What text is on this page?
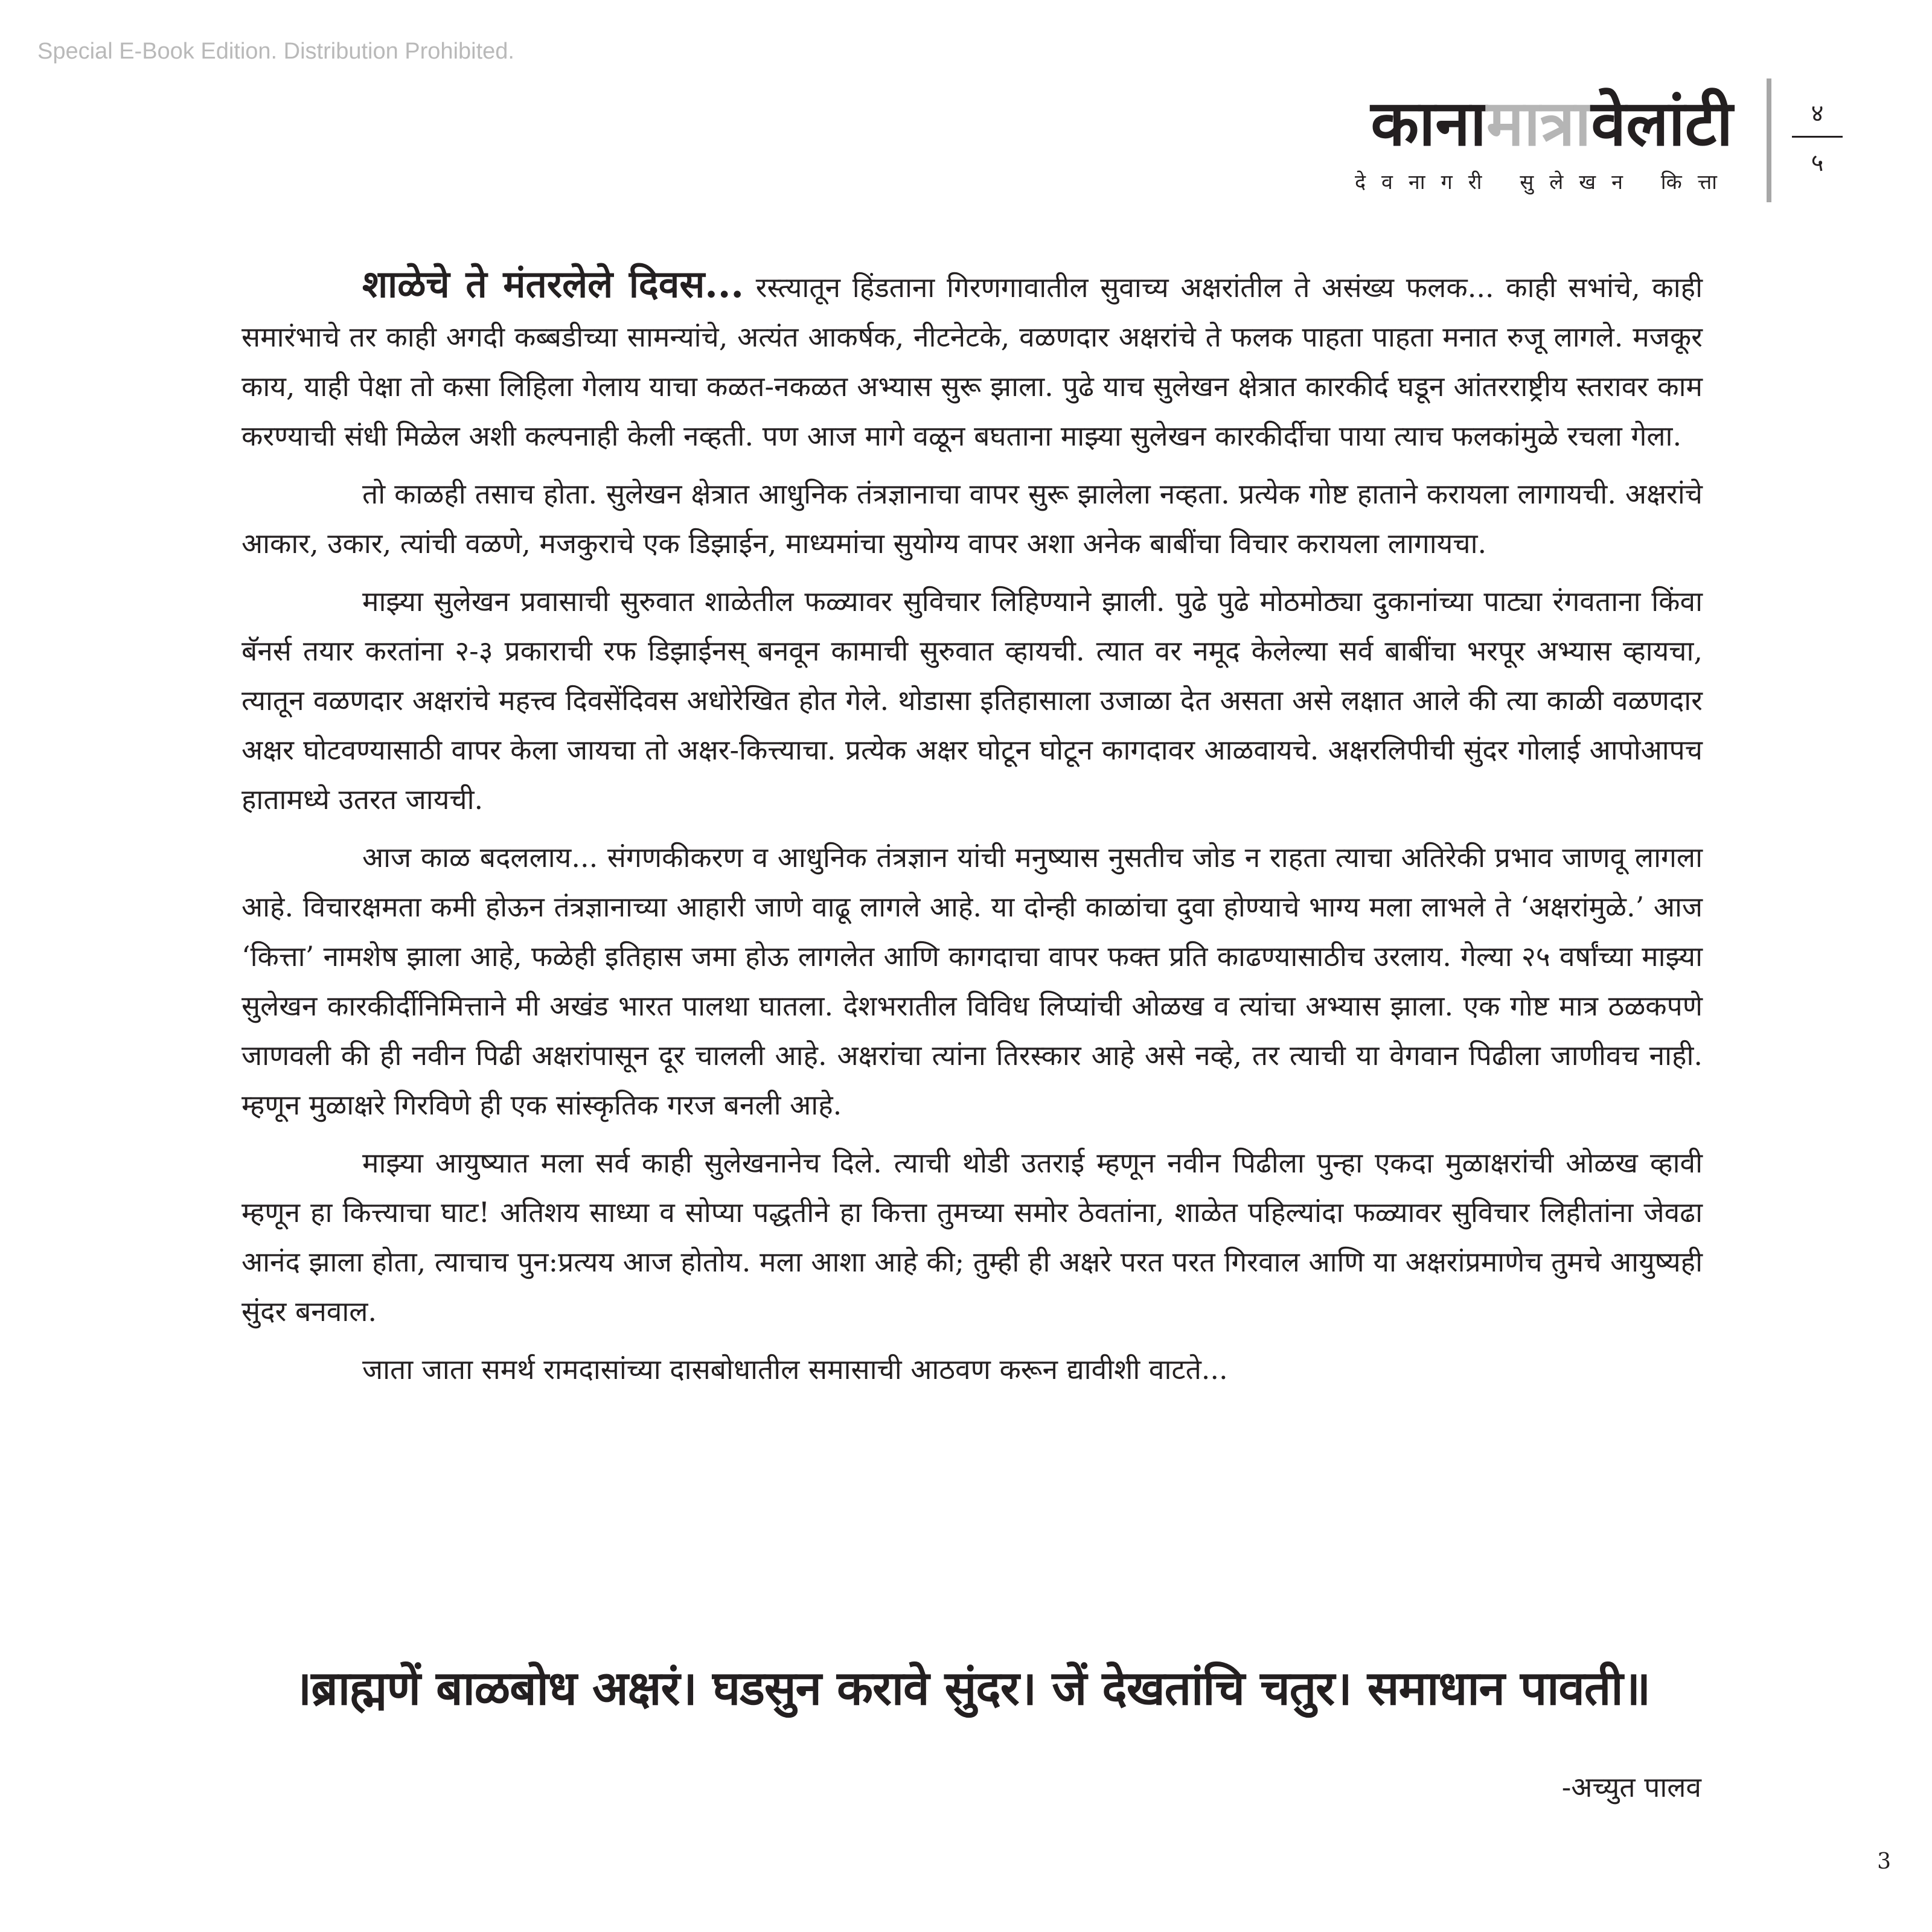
Special E-Book Edition. Distribution Prohibited.
कानामात्रावेलांटी
देवनागरी सुलेखन कित्ता
४
५

शाळेचे ते मंतरलेले दिवस... रस्त्यातून हिंडताना गिरणगावातील सुवाच्य अक्षरांतील ते असंख्य फलक... काही सभांचे, काही समारंभाचे तर काही अगदी कब्बडीच्या सामन्यांचे, अत्यंत आकर्षक, नीटनेटके, वळणदार अक्षरांचे ते फलक पाहता पाहता मनात रुजू लागले. मजकूर काय, याही पेक्षा तो कसा लिहिला गेलाय याचा कळत-नकळत अभ्यास सुरू झाला. पुढे याच सुलेखन क्षेत्रात कारकीर्द घडून आंतरराष्ट्रीय स्तरावर काम करण्याची संधी मिळेल अशी कल्पनाही केली नव्हती. पण आज मागे वळून बघताना माझ्या सुलेखन कारकीर्दीचा पाया त्याच फलकांमुळे रचला गेला.

तो काळही तसाच होता. सुलेखन क्षेत्रात आधुनिक तंत्रज्ञानाचा वापर सुरू झालेला नव्हता. प्रत्येक गोष्ट हाताने करायला लागायची. अक्षरांचे आकार, उकार, त्यांची वळणे, मजकुराचे एक डिझाईन, माध्यमांचा सुयोग्य वापर अशा अनेक बाबींचा विचार करायला लागायचा.

माझ्या सुलेखन प्रवासाची सुरुवात शाळेतील फळ्यावर सुविचार लिहिण्याने झाली. पुढे पुढे मोठमोठ्या दुकानांच्या पाट्या रंगवताना किंवा बॅनर्स तयार करतांना २-३ प्रकाराची रफ डिझाईनस् बनवून कामाची सुरुवात व्हायची. त्यात वर नमूद केलेल्या सर्व बाबींचा भरपूर अभ्यास व्हायचा, त्यातून वळणदार अक्षरांचे महत्त्व दिवसेंदिवस अधोरेखित होत गेले. थोडासा इतिहासाला उजाळा देत असता असे लक्षात आले की त्या काळी वळणदार अक्षर घोटवण्यासाठी वापर केला जायचा तो अक्षर-कित्त्याचा. प्रत्येक अक्षर घोटून घोटून कागदावर आळवायचे. अक्षरलिपीची सुंदर गोलाई आपोआपच हातामध्ये उतरत जायची.

आज काळ बदललाय... संगणकीकरण व आधुनिक तंत्रज्ञान यांची मनुष्यास नुसतीच जोड न राहता त्याचा अतिरेकी प्रभाव जाणवू लागला आहे. विचारक्षमता कमी होऊन तंत्रज्ञानाच्या आहारी जाणे वाढू लागले आहे. या दोन्ही काळांचा दुवा होण्याचे भाग्य मला लाभले ते ‘अक्षरांमुळे.’ आज ‘कित्ता’ नामशेष झाला आहे, फळेही इतिहास जमा होऊ लागलेत आणि कागदाचा वापर फक्त प्रति काढण्यासाठीच उरलाय. गेल्या २५ वर्षांच्या माझ्या सुलेखन कारकीर्दीनिमित्ताने मी अखंड भारत पालथा घातला. देशभरातील विविध लिप्यांची ओळख व त्यांचा अभ्यास झाला. एक गोष्ट मात्र ठळकपणे जाणवली की ही नवीन पिढी अक्षरांपासून दूर चालली आहे. अक्षरांचा त्यांना तिरस्कार आहे असे नव्हे, तर त्याची या वेगवान पिढीला जाणीवच नाही. म्हणून मुळाक्षरे गिरविणे ही एक सांस्कृतिक गरज बनली आहे.

माझ्या आयुष्यात मला सर्व काही सुलेखनानेच दिले. त्याची थोडी उतराई म्हणून नवीन पिढीला पुन्हा एकदा मुळाक्षरांची ओळख व्हावी म्हणून हा कित्त्याचा घाट! अतिशय साध्या व सोप्या पद्धतीने हा कित्ता तुमच्या समोर ठेवतांना, शाळेत पहिल्यांदा फळ्यावर सुविचार लिहीतांना जेवढा आनंद झाला होता, त्याचाच पुन:प्रत्यय आज होतोय. मला आशा आहे की; तुम्ही ही अक्षरे परत परत गिरवाल आणि या अक्षरांप्रमाणेच तुमचे आयुष्यही सुंदर बनवाल.

जाता जाता समर्थ रामदासांच्या दासबोधातील समासाची आठवण करून द्यावीशी वाटते...

।ब्राह्मणें बाळबोध अक्षरं। घडसुन करावे सुंदर। जें देखतांचि चतुर। समाधान पावती॥
-अच्युत पालव
3
